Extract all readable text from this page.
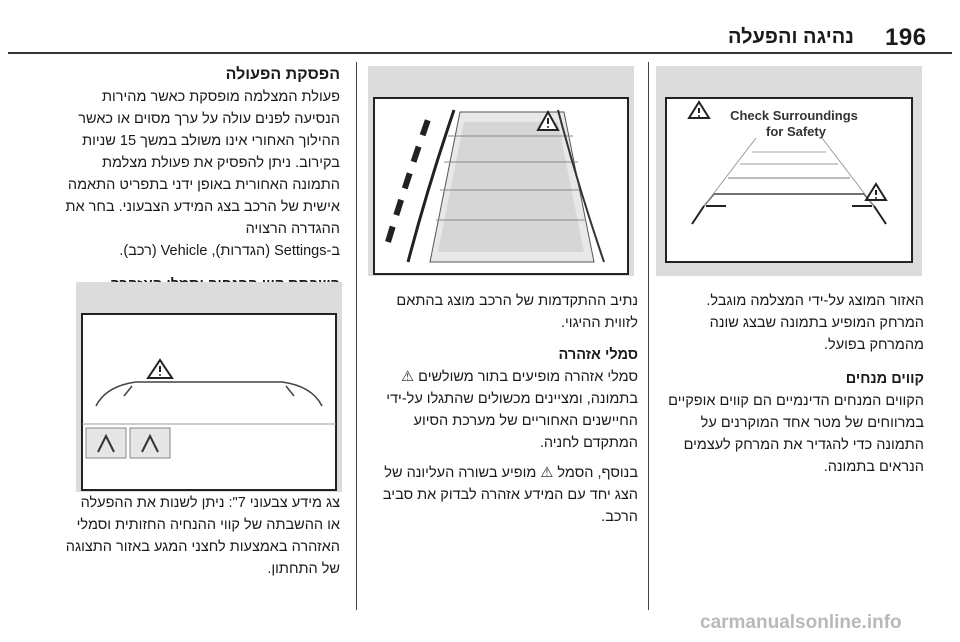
196
נהיגה והפעלה
Check Surroundings
for Safety

האזור המוצג על-ידי המצלמה מוגבל. המרחק המופיע בתמונה שבצג שונה מהמרחק בפועל.

קווים מנחים

הקווים המנחים הדינמיים הם קווים אופקיים במרווחים של מטר אחד המוקרנים על התמונה כדי להגדיר את המרחק לעצמים הנראים בתמונה.

נתיב ההתקדמות של הרכב מוצג בהתאם לזווית ההיגוי.

סמלי אזהרה

סמלי אזהרה מופיעים בתור משולשים ⚠ בתמונה, ומציינים מכשולים שהתגלו על-ידי החיישנים האחוריים של מערכת הסיוע המתקדם לחניה.

בנוסף, הסמל ⚠ מופיע בשורה העליונה של הצג יחד עם המידע אזהרה לבדוק את סביב הרכב.

הפסקת הפעולה

פעולת המצלמה מופסקת כאשר מהירות הנסיעה לפנים עולה על ערך מסוים או כאשר ההילוך האחורי אינו משולב במשך 15 שניות בקירוב. ניתן להפסיק את פעולת מצלמת התמונה האחורית באופן ידני בתפריט התאמה אישית של הרכב בצג המידע הצבעוני. בחר את ההגדרה הרצויה

ב-Settings (הגדרות), Vehicle (רכב).

צג מידע צבעוני 7": ניתן לשנות את ההפעלה או ההשבתה של קווי ההנחיה החזותית וסמלי האזהרה באמצעות לחצני המגע באזור התצוגה של התחתון.

carmanualsonline.info
